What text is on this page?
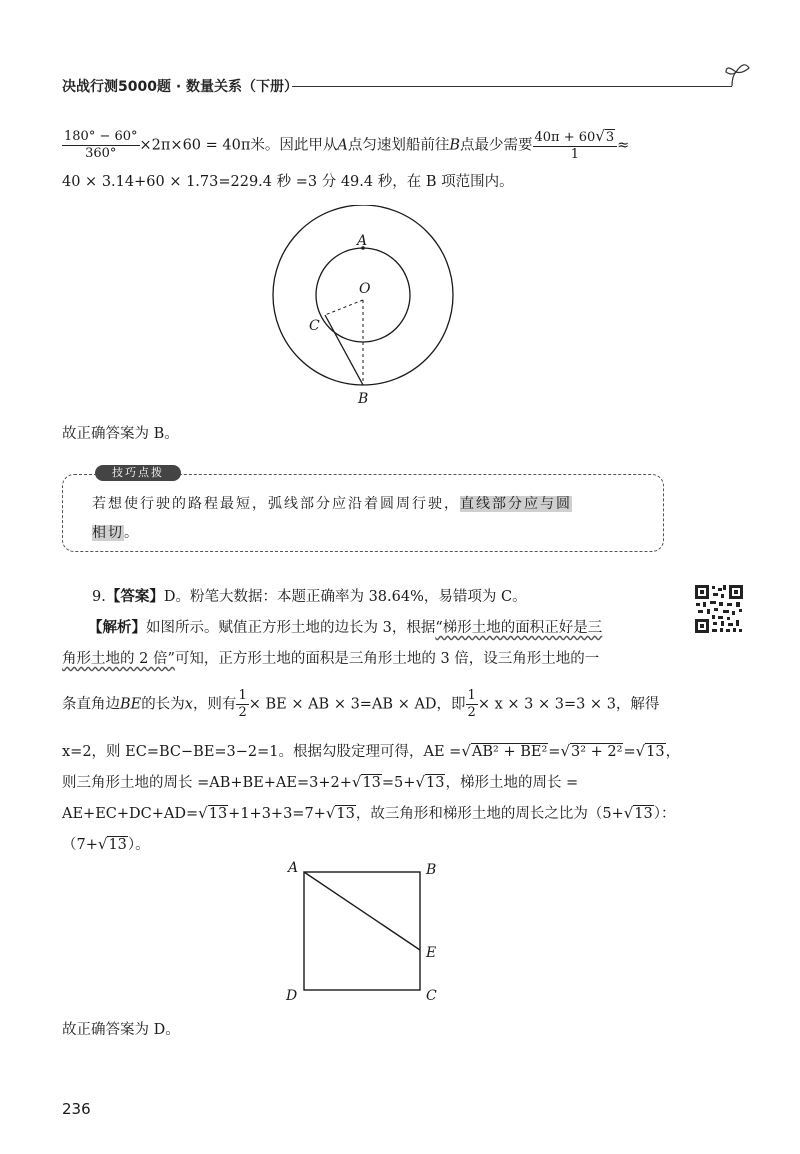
决战行测5000题 · 数量关系（下册）
$\frac{180^\circ - 60^\circ}{360^\circ} \times 2\pi\times 60 = 40\pi$米。因此甲从A点匀速划船前往B点最少需要 $\frac{40\pi + 60√3}{1}$ ≈
40 × 3.14+60 × 1.73=229.4 秒 =3 分 49.4 秒，在 B 项范围内。
A
O
C
B
故正确答案为 B。
技巧点拨
若想使行驶的路程最短，弧线部分应沿着圆周行驶，直线部分应与圆
相切。
9.【答案】D。粉笔大数据：本题正确率为 38.64%，易错项为 C。
【解析】如图所示。赋值正方形土地的边长为 3，根据“梯形土地的面积正好是三
角形土地的 2 倍”可知，正方形土地的面积是三角形土地的 3 倍，设三角形土地的一
条直角边BE的长为x，则有 $\frac{1}{2}$ × BE × AB × 3=AB × AD，即 $\frac{1}{2} \times x \times 3 \times 3=3 \times 3$，解得
x=2，则 EC=BC−BE=3−2=1。根据勾股定理可得，AE =√AB² + BE²=√3² + 2²=√13，
则三角形土地的周长 =AB+BE+AE=3+2+√13=5+√13，梯形土地的周长 =
AE+EC+DC+AD=√13+1+3+3=7+√13，故三角形和梯形土地的周长之比为（5+√13）：
（7+√13）。
A	B
E
D	C
故正确答案为 D。
236
